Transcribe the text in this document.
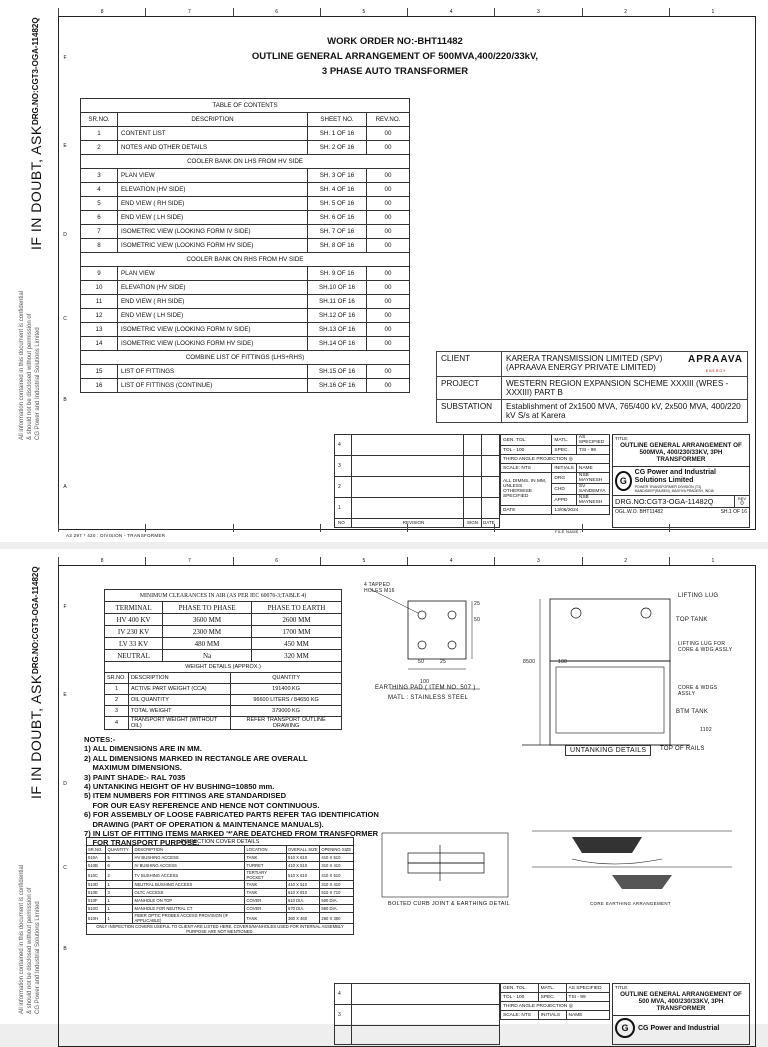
8	7	6	5	4	3	2	1
F
E
D
C
B
A
DRG.NO:CGT3-OGA-11482Q
IF IN DOUBT, ASK
All information contained in this document is confidential & should not be disclosed without permission of CG Power and Industrial Solutions Limited
WORK ORDER NO:-BHT11482
OUTLINE GENERAL ARRANGEMENT OF 500MVA,400/220/33kV,
3 PHASE AUTO TRANSFORMER
TABLE OF CONTENTS			
SR.NO.	DESCRIPTION	SHEET NO.	REV.NO.
1	CONTENT LIST	SH. 1 OF 16	00
2	NOTES AND OTHER DETAILS	SH. 2 OF 16	00
COOLER BANK ON LHS FROM HV SIDE			
3	PLAN VIEW	SH. 3 OF 16	00
4	ELEVATION (HV SIDE)	SH. 4 OF 16	00
5	END VIEW ( RH SIDE)	SH. 5 OF 16	00
6	END VIEW ( LH SIDE)	SH. 6 OF 16	00
7	ISOMETRIC VIEW (LOOKING FORM IV SIDE)	SH. 7 OF 16	00
8	ISOMETRIC VIEW (LOOKING FORM HV SIDE)	SH. 8 OF 16	00
COOLER BANK ON RHS FROM HV SIDE			
9	PLAN VIEW	SH. 9 OF 16	00
10	ELEVATION (HV SIDE)	SH.10 OF 16	00
11	END VIEW ( RH SIDE)	SH.11 OF 16	00
12	END VIEW ( LH SIDE)	SH.12 OF 16	00
13	ISOMETRIC VIEW (LOOKING FORM IV SIDE)	SH.13 OF 16	00
14	ISOMETRIC VIEW (LOOKING FORM HV SIDE)	SH.14 OF 16	00
COMBINE LIST OF FITTINGS (LHS+RHS)			
15	LIST OF FITTINGS	SH.15 OF 16	00
16	LIST OF FITTINGS (CONTINUE)	SH.16 OF 16	00
CLIENT	KARERA TRANSMISSION LIMITED (SPV) (APRAAVA ENERGY PRIVATE LIMITED)
APRAAVA
E N E R G Y

PROJECT	WESTERN REGION EXPANSION SCHEME XXXIII (WRES - XXXIII) PART B
SUBSTATION	Establishment of 2x1500 MVA, 765/400 kV, 2x500 MVA, 400/220 kV S/s at Karera
4
3
2
1
NO	REVISION	SIGN	DATE
GEN. TOL.	MATL.	AS SPECIFIED
TOL - 100	SPEC.	TSI - 99
THIRD ANGLE PROJECTION ◎		
SCALE: NTS	INITIALS	NAME
ALL DIMNS. IN MM, UNLESS OTHERWISE SPECIFIED	DRG	NSB MAYNESH
	CHD	SV SANDEMYA
	APPD	NSB MAYNESH
DATE	13/06/2024	
TITLE:
OUTLINE GENERAL ARRANGEMENT OF 500MVA, 400/230/33KV, 3PH TRANSFORMER
G
CG Power and Industrial Solutions Limited
POWER TRANSFORMER DIVISION (T3)
MANDIDEEP(RAISEN), MADHYA PRADESH, INDIA
DRG.NO:CGT3-OGA-11482Q	REV
0
OGL.W.O.
BHT11482	SH.1 OF 16
FILE NAME :
A3 297 * 420 : DIVISION - TRANSFORMER
8	7	6	5	4	3	2	1
F
E
D
C
B
DRG.NO:CGT3-OGA-11482Q
IF IN DOUBT, ASK
All information contained in this document is confidential & should not be disclosed without permission of CG Power and Industrial Solutions Limited
MINIMUM CLEARANCES IN AIR (AS PER IEC 60076-3;TABLE 4)		
TERMINAL	PHASE TO PHASE	PHASE TO EARTH
HV 400 KV	3600 MM	2600 MM
IV 230 KV	2300 MM	1700 MM
LV 33 KV	480 MM	450 MM
NEUTRAL	Na	320 MM
WEIGHT DETAILS (APPROX.)		
SR.NO.	DESCRIPTION	QUANTITY
1	ACTIVE PART WEIGHT (CCA)	191400 KG
2	OIL QUANTITY	96600 LITERS / 84650 KG
3	TOTAL WEIGHT	379000 KG
4	TRANSPORT WEIGHT (WITHOUT OIL)	REFER TRANSPORT OUTLINE DRAWING
NOTES:-
1) ALL DIMENSIONS ARE IN MM.
2) ALL DIMENSIONS MARKED IN RECTANGLE ARE OVERALL
MAXIMUM DIMENSIONS.
3) PAINT SHADE:- RAL 7035
4) UNTANKING HEIGHT OF HV BUSHING=10850 mm.
5) ITEM NUMBERS FOR FITTINGS ARE STANDARDISED
FOR OUR EASY REFERENCE AND HENCE NOT CONTINUOUS.
6) FOR ASSEMBLY OF LOOSE FABRICATED PARTS REFER TAG IDENTIFICATION
DRAWING (PART OF OPERATION & MAINTENANCE MANUALS).
7) IN LIST OF FITTING ITEMS MARKED '*'ARE DEATCHED FROM TRANSFORMER
FOR TRANSPORT PURPOSE.
4 TAPPED HOLES M16
EARTHING PAD ( ITEM NO. 507 )
MATL : STAINLESS STEEL
25
50
50	25
100
LIFTING LUG
TOP TANK
LIFTING LUG FOR CORE & WDG ASSLY
CORE & WDGS ASSLY
BTM TANK
TOP OF RAILS
8500	100
1102
UNTANKING DETAILS
INSPECTION COVER DETAILS					
SR.NO.	QUANTITY	DESCRIPTION	LOCATION	OVERALL SIZE	OPENING SIZE
510A	5	HV BUSHING ACCESS	TANK	510 X 610	410 X 510
510B	6	IV BUSHING ACCESS	TURRET	410 X 510	310 X 410
510C	2	TV BUSHING ACCESS	TERTIARY POCKET	510 X 610	410 X 510
510D	1	NEUTRAL BUSHING ACCESS	TANK	410 X 510	310 X 410
510E	3	OLTC ACCESS	TANK	610 X 810	510 X 710
510F	1	MANHOLE ON TOP	COVER	610 DIA.	500 DIA.
510G	1	MANHOLE FOR NEUTRAL CT	COVER	670 DIA.	560 DIA.
510H	1	FIBER OPTIC PROBES ACCESS PROVISION (IF APPLICABLE)	TANK	360 X 460	260 X 360
ONLY INSPECTION COVERS USEFUL TO CLIENT ARE LISTED HERE, COVERS/MANHOLES USED FOR INTERNAL ASSEMBLY PURPOSE ARE NOT MENTIONED.					
BOLTED CURB JOINT & EARTHING DETAIL	CORE EARTHING ARRANGEMENT
4
3
GEN. TOL.	MATL.	AS SPECIFIED
TOL - 100	SPEC.	TSI - 99
THIRD ANGLE PROJECTION ◎		
SCALE: NTS	INITIALS	NAME
TITLE:
OUTLINE GENERAL ARRANGEMENT OF 500 MVA, 400/230/33KV, 3PH TRANSFORMER
G	CG Power and Industrial
